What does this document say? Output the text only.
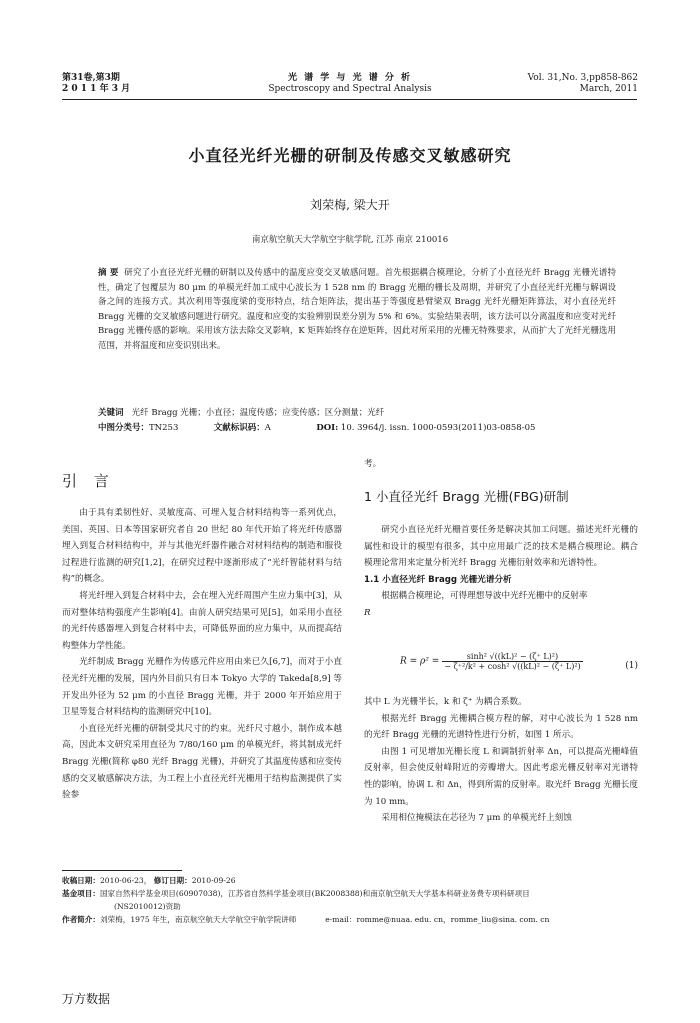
第31卷,第3期
2 0 1 1 年 3 月
光 谱 学 与 光 谱 分 析
Spectroscopy and Spectral Analysis
Vol. 31,No. 3,pp858-862
March, 2011
小直径光纤光栅的研制及传感交叉敏感研究
刘荣梅, 梁大开
南京航空航天大学航空宇航学院, 江苏 南京 210016
摘 要 研究了小直径光纤光栅的研制以及传感中的温度应变交叉敏感问题。首先根据耦合模理论，分析了小直径光纤 Bragg 光栅光谱特性，确定了包覆层为 80 μm 的单模光纤加工成中心波长为 1 528 nm 的 Bragg 光栅的栅长及周期，并研究了小直径光纤光栅与解调设备之间的连接方式。其次利用等强度梁的变形特点，结合矩阵法，提出基于等强度悬臂梁双 Bragg 光纤光栅矩阵算法，对小直径光纤 Bragg 光栅的交叉敏感问题进行研究。温度和应变的实验辨别误差分别为 5% 和 6%。实验结果表明，该方法可以分离温度和应变对光纤 Bragg 光栅传感的影响。采用该方法去除交叉影响，K 矩阵始终存在逆矩阵，因此对所采用的光栅无特殊要求，从而扩大了光纤光栅选用范围，并将温度和应变识别出来。
关键词 光纤 Bragg 光栅；小直径；温度传感；应变传感；区分测量；光纤
中图分类号：TN253	文献标识码：A	DOI: 10. 3964/j. issn. 1000-0593(2011)03-0858-05
引 言

由于具有柔韧性好、灵敏度高、可埋入复合材料结构等一系列优点，美国、英国、日本等国家研究者自 20 世纪 80 年代开始了将光纤传感器埋入到复合材料结构中，并与其他光纤器件融合对材料结构的制造和服役过程进行监测的研究[1,2]，在研究过程中逐渐形成了“光纤智能材料与结构”的概念。

将光纤埋入到复合材料中去，会在埋入光纤周围产生应力集中[3]，从而对整体结构强度产生影响[4]。由前人研究结果可见[5]，如采用小直径的光纤传感器埋入到复合材料中去，可降低界面的应力集中，从而提高结构整体力学性能。

光纤制成 Bragg 光栅作为传感元件应用由来已久[6,7]，而对于小直径光纤光栅的发展，国内外目前只有日本 Tokyo 大学的 Takeda[8,9] 等开发出外径为 52 μm 的小直径 Bragg 光栅，并于 2000 年开始应用于卫星等复合材料结构的监测研究中[10]。

小直径光纤光栅的研制受其尺寸的约束。光纤尺寸越小，制作成本越高，因此本文研究采用直径为 7/80/160 μm 的单模光纤，将其制成光纤 Bragg 光栅(简称 φ80 光纤 Bragg 光栅)，并研究了其温度传感和应变传感的交叉敏感解决方法，为工程上小直径光纤光栅用于结构监测提供了实验参

考。

1 小直径光纤 Bragg 光栅(FBG)研制

研究小直径光纤光栅首要任务是解决其加工问题。描述光纤光栅的属性和设计的模型有很多，其中应用最广泛的技术是耦合模理论。耦合模理论常用来定量分析光纤 Bragg 光栅衍射效率和光谱特性。

1.1 小直径光纤 Bragg 光栅光谱分析

根据耦合模理论，可得理想导波中光纤光栅中的反射率

R

$R = \rho^2 = \frac{\text{sinh² √((kL)² − (ζ⁺ L)²)}}{\text{− ζ⁺²/k² + cosh² √((kL)² − (ζ⁺ L)²)}}$	(1)

其中 L 为光栅半长，k 和 ζ⁺ 为耦合系数。

根据光纤 Bragg 光栅耦合模方程的解，对中心波长为 1 528 nm 的光纤 Bragg 光栅的光谱特性进行分析，如图 1 所示。

由图 1 可见增加光栅长度 L 和调制折射率 Δn，可以提高光栅峰值反射率，但会使反射峰附近的旁瓣增大。因此考虑光栅反射率对光谱特性的影响，协调 L 和 Δn，得到所需的反射率。取光纤 Bragg 光栅长度为 10 mm。

采用相位掩模法在芯径为 7 μm 的单模光纤上刻蚀

收稿日期：2010-06-23， 修订日期：2010-09-26
基金项目：国家自然科学基金项目(60907038)，江苏省自然科学基金项目(BK2008388)和南京航空航天大学基本科研业务费专项科研项目
(NS2010012)资助
作者简介：刘荣梅，1975 年生，南京航空航天大学航空宇航学院讲师	e-mail：romme@nuaa. edu. cn，romme_liu@sina. com. cn
万方数据
